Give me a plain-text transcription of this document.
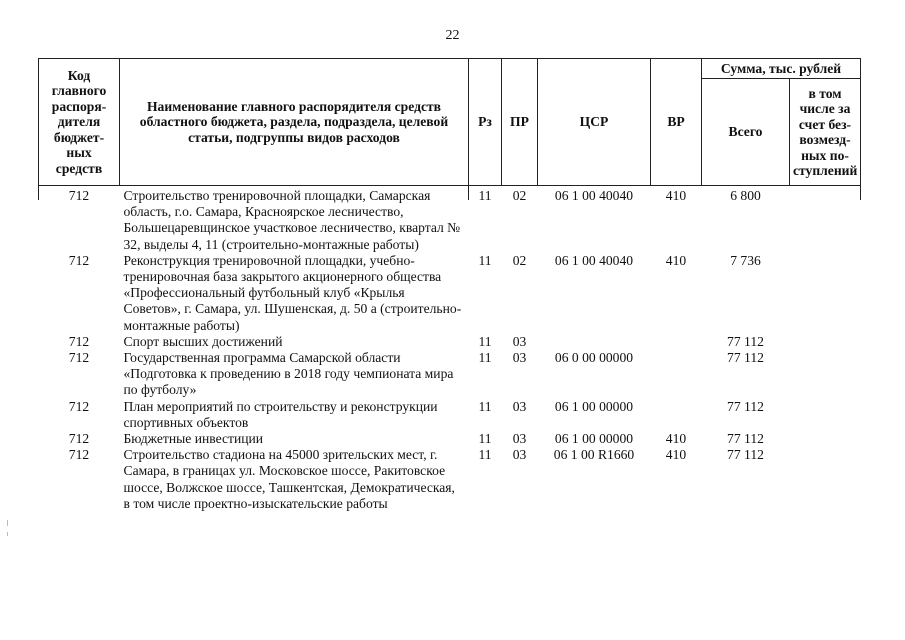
22
Код главного распоря-дителя бюджет-ных средств	Наименование главного распорядителя средств областного бюджета, раздела, подраздела, целевой статьи, подгруппы видов расходов	Рз	ПР	ЦСР	ВР	Сумма, тыс. рублей	
						Всего	в том числе за счет без-возмезд-ных по-ступлений
712	Строительство тренировочной площадки, Самарская область, г.о. Самара, Красноярское лесничество, Большецаревщинское участковое лесничество, квартал № 32, выделы 4, 11 (строительно-монтажные работы)	11	02	06 1 00 40040	410	6 800	
712	Реконструкция тренировочной площадки, учебно-тренировочная база закрытого акционерного общества «Профессиональный футбольный клуб «Крылья Советов», г. Самара, ул. Шушенская, д. 50 а (строительно-монтажные работы)	11	02	06 1 00 40040	410	7 736	
712	Спорт высших достижений	11	03			77 112	
712	Государственная программа Самарской области «Подготовка к проведению в 2018 году чемпионата мира по футболу»	11	03	06 0 00 00000		77 112	
712	План мероприятий по строительству и реконструкции спортивных объектов	11	03	06 1 00 00000		77 112	
712	Бюджетные инвестиции	11	03	06 1 00 00000	410	77 112	
712	Строительство стадиона на 45000 зрительских мест, г. Самара, в границах ул. Московское шоссе, Ракитовское шоссе, Волжское шоссе, Ташкентская, Демократическая, в том числе проектно-изыскательские работы	11	03	06 1 00 R1660	410	77 112	
